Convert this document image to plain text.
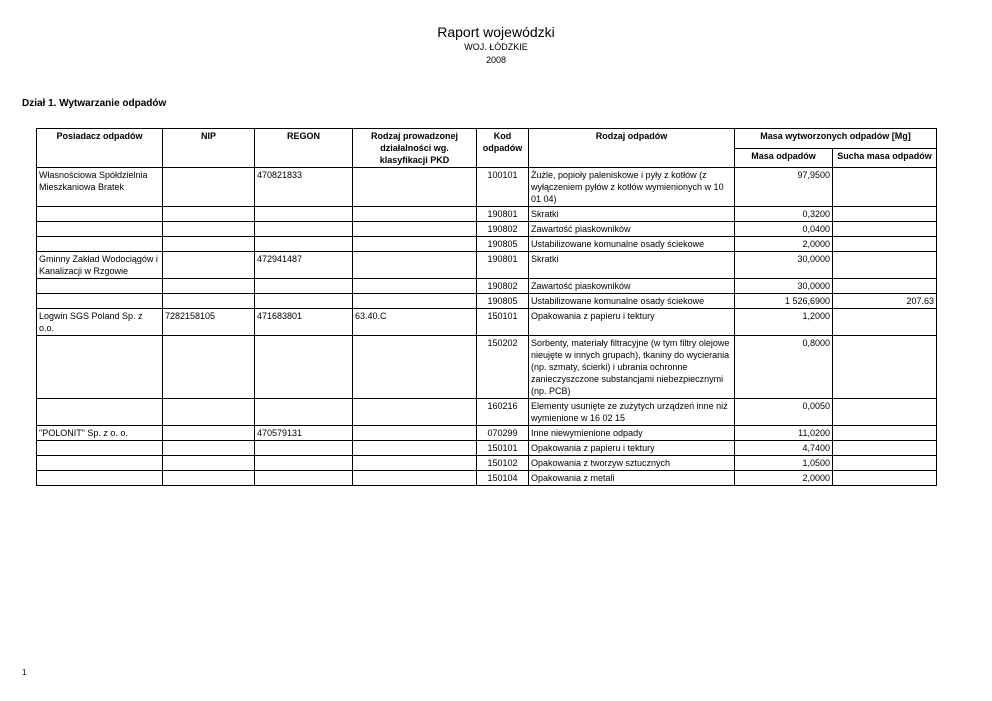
Raport wojewódzki
WOJ. ŁÓDZKIE
2008
Dział 1. Wytwarzanie odpadów
Posiadacz odpadów	NIP	REGON	Rodzaj prowadzonej działalności wg. klasyfikacji PKD	Kod odpadów	Rodzaj odpadów	Masa wytworzonych odpadów [Mg]	
						Masa odpadów	Sucha masa odpadów
Własnościowa Spółdzielnia Mieszkaniowa Bratek		470821833		100101	Żużle, popioły paleniskowe i pyły z kotłów (z wyłączeniem pyłów z kotłów wymienionych w 10 01 04)	97,9500	
				190801	Skratki	0,3200	
				190802	Zawartość piaskowników	0,0400	
				190805	Ustabilizowane komunalne osady ściekowe	2,0000	
Gminny Zakład Wodociągów i Kanalizacji w Rzgowie		472941487		190801	Skratki	30,0000	
				190802	Zawartość piaskowników	30,0000	
				190805	Ustabilizowane komunalne osady ściekowe	1 526,6900	207.63
Logwin SGS Poland Sp. z o.o.	7282158105	471683801	63.40.C	150101	Opakowania z papieru i tektury	1,2000	
				150202	Sorbenty, materiały filtracyjne (w tym filtry olejowe nieujęte w innych grupach), tkaniny do wycierania (np. szmaty, ścierki) i ubrania ochronne zanieczyszczone substancjami niebezpiecznymi (np. PCB)	0,8000	
				160216	Elementy usunięte ze zużytych urządzeń inne niż wymienione w 16 02 15	0,0050	
"POLONIT" Sp. z o. o.		470579131		070299	Inne niewymienione odpady	11,0200	
				150101	Opakowania z papieru i tektury	4,7400	
				150102	Opakowania z tworzyw sztucznych	1,0500	
				150104	Opakowania z metali	2,0000	
1
